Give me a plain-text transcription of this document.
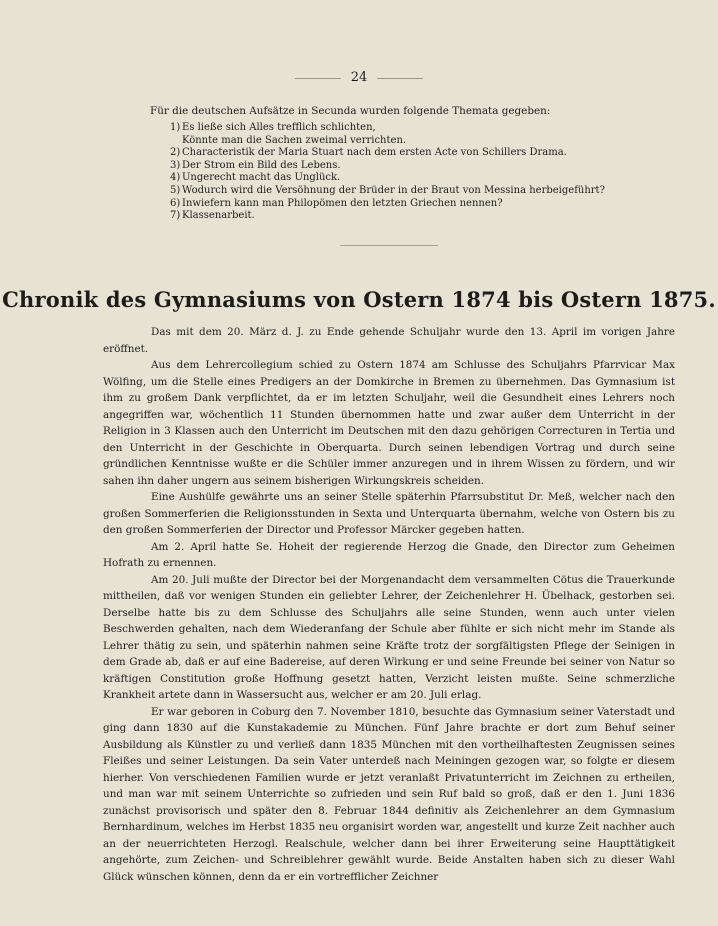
24
Für die deutschen Aufsätze in Secunda wurden folgende Themata gegeben:
1) Es ließe sich Alles trefflich schlichten,
Könnte man die Sachen zweimal verrichten.
2) Characteristik der Maria Stuart nach dem ersten Acte von Schillers Drama.
3) Der Strom ein Bild des Lebens.
4) Ungerecht macht das Unglück.
5) Wodurch wird die Versöhnung der Brüder in der Braut von Messina herbeigeführt?
6) Inwiefern kann man Philopömen den letzten Griechen nennen?
7) Klassenarbeit.
Chronik des Gymnasiums von Ostern 1874 bis Ostern 1875.

Das mit dem 20. März d. J. zu Ende gehende Schuljahr wurde den 13. April im vorigen Jahre eröffnet.

Aus dem Lehrercollegium schied zu Ostern 1874 am Schlusse des Schuljahrs Pfarrvicar Max Wölfing, um die Stelle eines Predigers an der Domkirche in Bremen zu übernehmen. Das Gymnasium ist ihm zu großem Dank verpflichtet, da er im letzten Schuljahr, weil die Gesundheit eines Lehrers noch angegriffen war, wöchentlich 11 Stunden übernommen hatte und zwar außer dem Unterricht in der Religion in 3 Klassen auch den Unterricht im Deutschen mit den dazu gehörigen Correcturen in Tertia und den Unterricht in der Geschichte in Oberquarta. Durch seinen lebendigen Vortrag und durch seine gründlichen Kenntnisse wußte er die Schüler immer anzuregen und in ihrem Wissen zu fördern, und wir sahen ihn daher ungern aus seinem bisherigen Wirkungskreis scheiden.

Eine Aushülfe gewährte uns an seiner Stelle späterhin Pfarrsubstitut Dr. Meß, welcher nach den großen Sommerferien die Religionsstunden in Sexta und Unterquarta übernahm, welche von Ostern bis zu den großen Sommerferien der Director und Professor Märcker gegeben hatten.

Am 2. April hatte Se. Hoheit der regierende Herzog die Gnade, den Director zum Geheimen Hofrath zu ernennen.

Am 20. Juli mußte der Director bei der Morgenandacht dem versammelten Cötus die Trauerkunde mittheilen, daß vor wenigen Stunden ein geliebter Lehrer, der Zeichenlehrer H. Übelhack, gestorben sei. Derselbe hatte bis zu dem Schlusse des Schuljahrs alle seine Stunden, wenn auch unter vielen Beschwerden gehalten, nach dem Wiederanfang der Schule aber fühlte er sich nicht mehr im Stande als Lehrer thätig zu sein, und späterhin nahmen seine Kräfte trotz der sorgfältigsten Pflege der Seinigen in dem Grade ab, daß er auf eine Badereise, auf deren Wirkung er und seine Freunde bei seiner von Natur so kräftigen Constitution große Hoffnung gesetzt hatten, Verzicht leisten mußte. Seine schmerzliche Krankheit artete dann in Wassersucht aus, welcher er am 20. Juli erlag.

Er war geboren in Coburg den 7. November 1810, besuchte das Gymnasium seiner Vaterstadt und ging dann 1830 auf die Kunstakademie zu München. Fünf Jahre brachte er dort zum Behuf seiner Ausbildung als Künstler zu und verließ dann 1835 München mit den vortheilhaftesten Zeugnissen seines Fleißes und seiner Leistungen. Da sein Vater unterdeß nach Meiningen gezogen war, so folgte er diesem hierher. Von verschiedenen Familien wurde er jetzt veranlaßt Privatunterricht im Zeichnen zu ertheilen, und man war mit seinem Unterrichte so zufrieden und sein Ruf bald so groß, daß er den 1. Juni 1836 zunächst provisorisch und später den 8. Februar 1844 definitiv als Zeichenlehrer an dem Gymnasium Bernhardinum, welches im Herbst 1835 neu organisirt worden war, angestellt und kurze Zeit nachher auch an der neuerrichteten Herzogl. Realschule, welcher dann bei ihrer Erweiterung seine Haupttätigkeit angehörte, zum Zeichen- und Schreiblehrer gewählt wurde. Beide Anstalten haben sich zu dieser Wahl Glück wünschen können, denn da er ein vortrefflicher Zeichner
